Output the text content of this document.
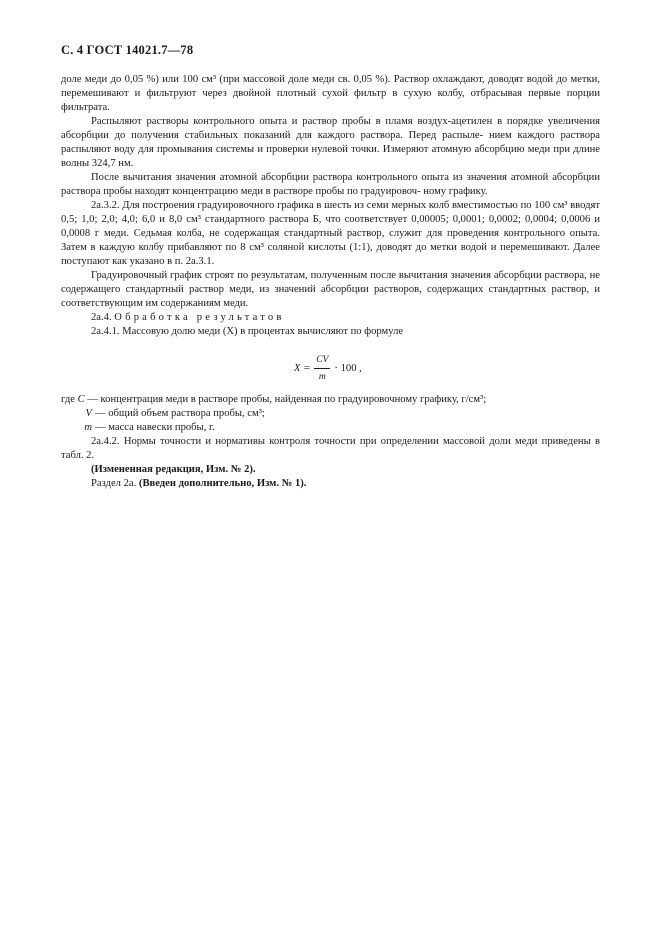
С. 4 ГОСТ 14021.7—78

доле меди до 0,05 %) или 100 см³ (при массовой доле меди св. 0,05 %). Раствор охлаждают, доводят водой до метки, перемешивают и фильтруют через двойной плотный сухой фильтр в сухую колбу, отбрасывая первые порции фильтрата.

Распыляют растворы контрольного опыта и раствор пробы в пламя воздух-ацетилен в порядке увеличения абсорбции до получения стабильных показаний для каждого раствора. Перед распыле- нием каждого раствора распыляют воду для промывания системы и проверки нулевой точки. Измеряют атомную абсорбцию меди при длине волны 324,7 нм.

После вычитания значения атомной абсорбции раствора контрольного опыта из значения атомной абсорбции раствора пробы находят концентрацию меди в растворе пробы по градуировоч- ному графику.

2а.3.2. Для построения градуировочного графика в шесть из семи мерных колб вместимостью по 100 см³ вводят 0,5; 1,0; 2,0; 4,0; 6,0 и 8,0 см³ стандартного раствора Б, что соответствует 0,00005; 0,0001; 0,0002; 0,0004; 0,0006 и 0,0008 г меди. Седьмая колба, не содержащая стандартный раствор, служит для проведения контрольного опыта. Затем в каждую колбу прибавляют по 8 см³ соляной кислоты (1:1), доводят до метки водой и перемешивают. Далее поступают как указано в п. 2а.3.1.

Градуировочный график строят по результатам, полученным после вычитания значения абсорбции раствора, не содержащего стандартный раствор меди, из значений абсорбции растворов, содержащих стандартных раствор, и соответствующим им содержаниям меди.

2а.4. Обработка результатов

2а.4.1. Массовую долю меди (X) в процентах вычисляют по формуле

$X = \frac{CV}{m} \cdot 100$ ,
где
C
— концентрация меди в растворе пробы, найденная по градуировочному графику, г/см³;
V — общий объем раствора пробы, см³;
m — масса навески пробы, г.

2а.4.2. Нормы точности и нормативы контроля точности при определении массовой доли меди приведены в табл. 2.

(Измененная редакция, Изм. № 2).

Раздел 2а. (Введен дополнительно, Изм. № 1).
